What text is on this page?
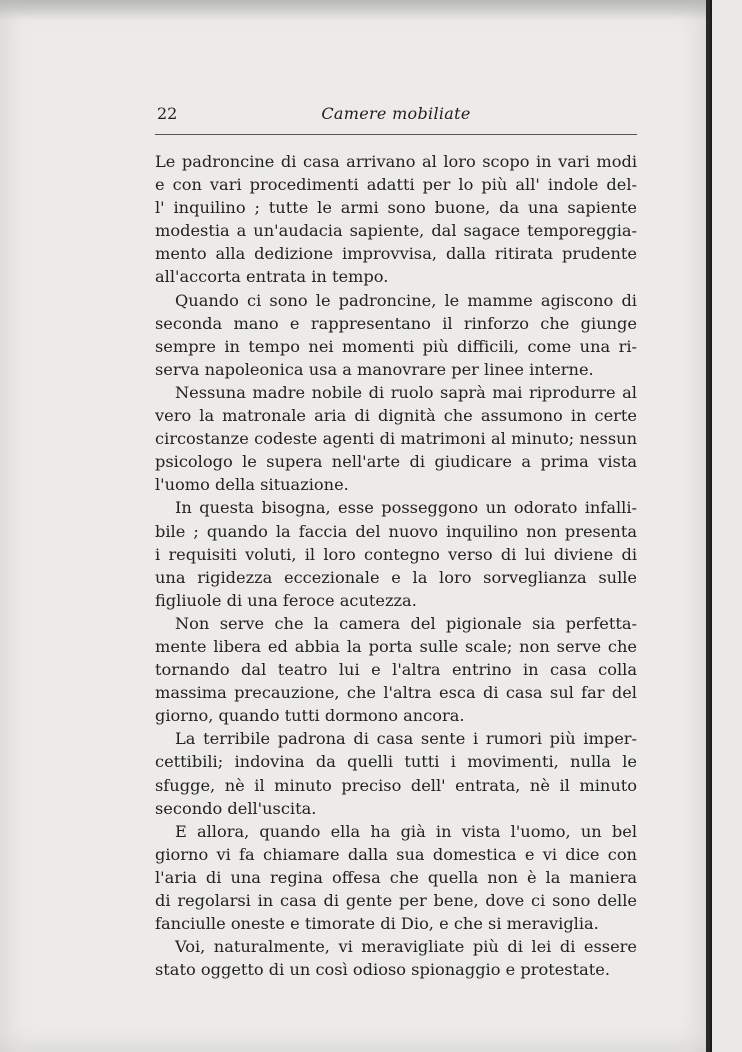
22	Camere mobiliate
Le padroncine di casa arrivano al loro scopo in vari modi
e con vari procedimenti adatti per lo più all' indole del-
l' inquilino ; tutte le armi sono buone, da una sapiente
modestia a un'audacia sapiente, dal sagace temporeggia-
mento alla dedizione improvvisa, dalla ritirata prudente
all'accorta entrata in tempo.
Quando ci sono le padroncine, le mamme agiscono di
seconda mano e rappresentano il rinforzo che giunge
sempre in tempo nei momenti più difficili, come una ri-
serva napoleonica usa a manovrare per linee interne.
Nessuna madre nobile di ruolo saprà mai riprodurre al
vero la matronale aria di dignità che assumono in certe
circostanze codeste agenti di matrimoni al minuto; nessun
psicologo le supera nell'arte di giudicare a prima vista
l'uomo della situazione.
In questa bisogna, esse posseggono un odorato infalli-
bile ; quando la faccia del nuovo inquilino non presenta
i requisiti voluti, il loro contegno verso di lui diviene di
una rigidezza eccezionale e la loro sorveglianza sulle
figliuole di una feroce acutezza.
Non serve che la camera del pigionale sia perfetta-
mente libera ed abbia la porta sulle scale; non serve che
tornando dal teatro lui e l'altra entrino in casa colla
massima precauzione, che l'altra esca di casa sul far del
giorno, quando tutti dormono ancora.
La terribile padrona di casa sente i rumori più imper-
cettibili; indovina da quelli tutti i movimenti, nulla le
sfugge, nè il minuto preciso dell' entrata, nè il minuto
secondo dell'uscita.
E allora, quando ella ha già in vista l'uomo, un bel
giorno vi fa chiamare dalla sua domestica e vi dice con
l'aria di una regina offesa che quella non è la maniera
di regolarsi in casa di gente per bene, dove ci sono delle
fanciulle oneste e timorate di Dio, e che si meraviglia.
Voi, naturalmente, vi meravigliate più di lei di essere
stato oggetto di un così odioso spionaggio e protestate.
